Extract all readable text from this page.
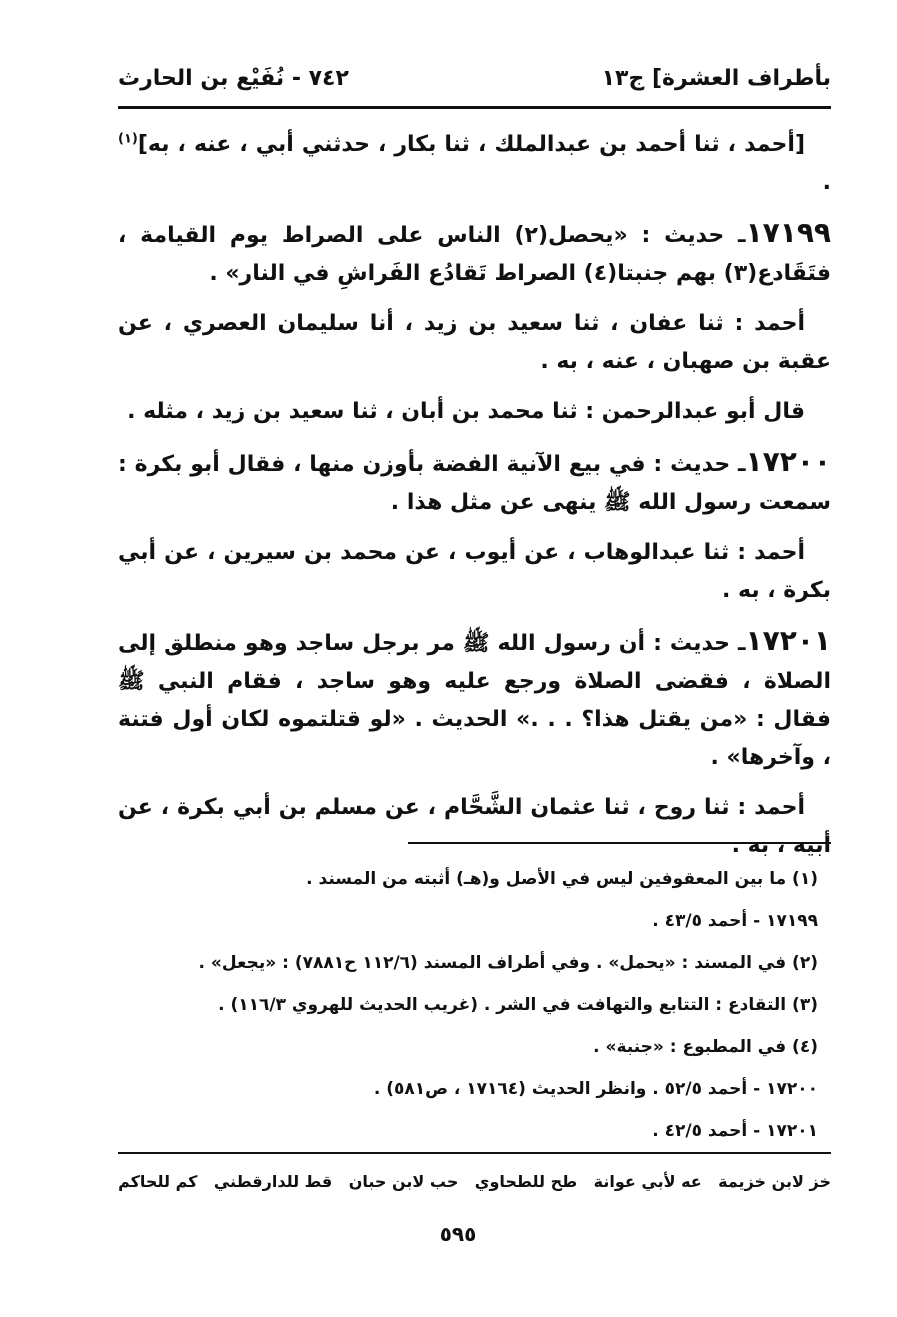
بأطراف العشرة] ج١٣
٧٤٢ - نُفَيْع بن الحارث

[أحمد ، ثنا أحمد بن عبدالملك ، ثنا بكار ، حدثني أبي ، عنه ، به]$^{(١)}$ .

١٧١٩٩ـ حديث : «يحصل(٢) الناس على الصراط يوم القيامة ، فتَقَادع(٣) بهم جنبتا(٤) الصراط تَقادُع الفَراشِ في النار» .

أحمد : ثنا عفان ، ثنا سعيد بن زيد ، أنا سليمان العصري ، عن عقبة بن صهبان ، عنه ، به .

قال أبو عبدالرحمن : ثنا محمد بن أبان ، ثنا سعيد بن زيد ، مثله .

١٧٢٠٠ـ حديث : في بيع الآنية الفضة بأوزن منها ، فقال أبو بكرة : سمعت رسول الله ﷺ ينهى عن مثل هذا .

أحمد : ثنا عبدالوهاب ، عن أيوب ، عن محمد بن سيرين ، عن أبي بكرة ، به .

١٧٢٠١ـ حديث : أن رسول الله ﷺ مر برجل ساجد وهو منطلق إلى الصلاة ، فقضى الصلاة ورجع عليه وهو ساجد ، فقام النبي ﷺ فقال : «من يقتل هذا؟ . . .» الحديث . «لو قتلتموه لكان أول فتنة ، وآخرها» .

أحمد : ثنا روح ، ثنا عثمان الشَّحَّام ، عن مسلم بن أبي بكرة ، عن أبيه ، به .

(١) ما بين المعقوفين ليس في الأصل و(هـ) أثبته من المسند .

١٧١٩٩ - أحمد ٤٣/٥ .

(٢) في المسند : «يحمل» . وفي أطراف المسند (١١٢/٦ ح٧٨٨١) : «يجعل» .

(٣) التقادع : التتابع والتهافت في الشر . (غريب الحديث للهروي ١١٦/٣) .

(٤) في المطبوع : «جنبة» .

١٧٢٠٠ - أحمد ٥٢/٥ . وانظر الحديث (١٧١٦٤ ، ص٥٨١) .

١٧٢٠١ - أحمد ٤٢/٥ .

خز لابن خزيمة
عه لأبي عوانة
طح للطحاوي
حب لابن حبان
قط للدارقطني
كم للحاكم
٥٩٥
